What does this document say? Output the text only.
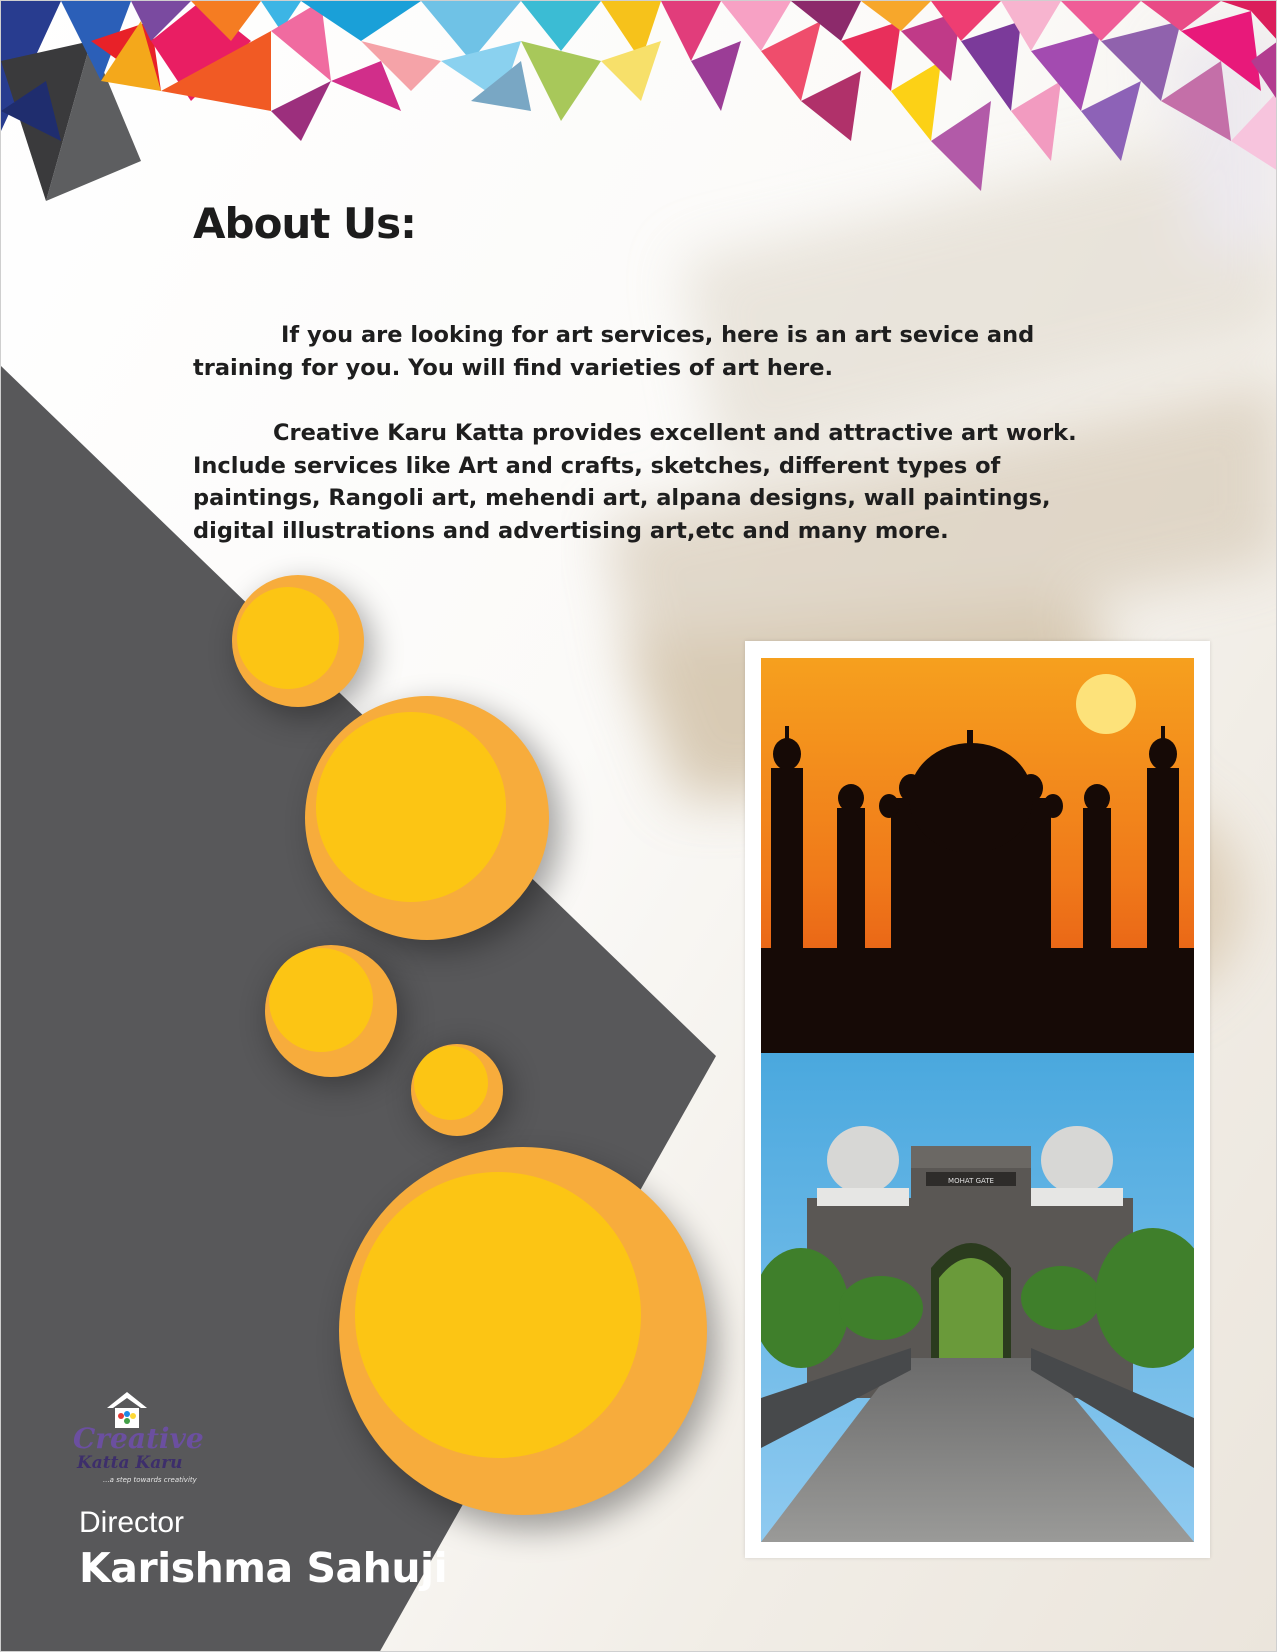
About Us:

If you are looking for art services, here is an art sevice and training for you. You will find varieties of art here.

Creative Karu Katta provides excellent and attractive art work. Include services like Art and crafts, sketches, different types of paintings, Rangoli art, mehendi art, alpana designs, wall paintings, digital illustrations and advertising art,etc and many more.

MOHAT GATE
Creative
Katta Karu
...a step towards creativity

Director

Karishma Sahuji
